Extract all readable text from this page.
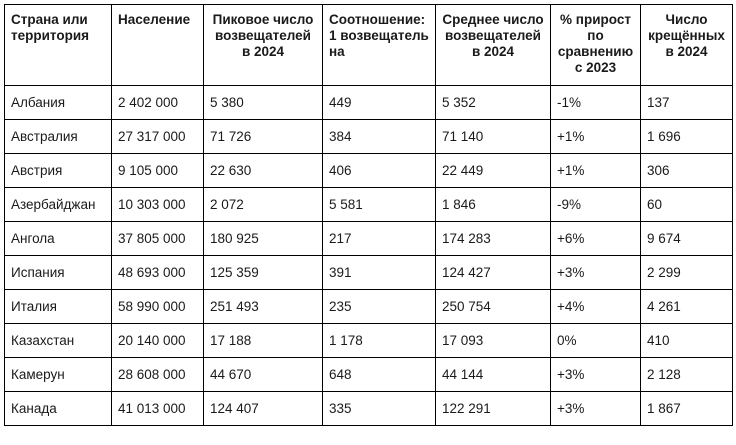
Страна или территория	Население	Пиковое число возвещателей в 2024	Соотношение: 1 возвещатель на	Среднее число возвещателей в 2024	% прирост по сравнению с 2023	Число крещённых в 2024
Албания	2 402 000	5 380	449	5 352	-1%	137
Австралия	27 317 000	71 726	384	71 140	+1%	1 696
Австрия	9 105 000	22 630	406	22 449	+1%	306
Азербайджан	10 303 000	2 072	5 581	1 846	-9%	60
Ангола	37 805 000	180 925	217	174 283	+6%	9 674
Испания	48 693 000	125 359	391	124 427	+3%	2 299
Италия	58 990 000	251 493	235	250 754	+4%	4 261
Казахстан	20 140 000	17 188	1 178	17 093	0%	410
Камерун	28 608 000	44 670	648	44 144	+3%	2 128
Канада	41 013 000	124 407	335	122 291	+3%	1 867
